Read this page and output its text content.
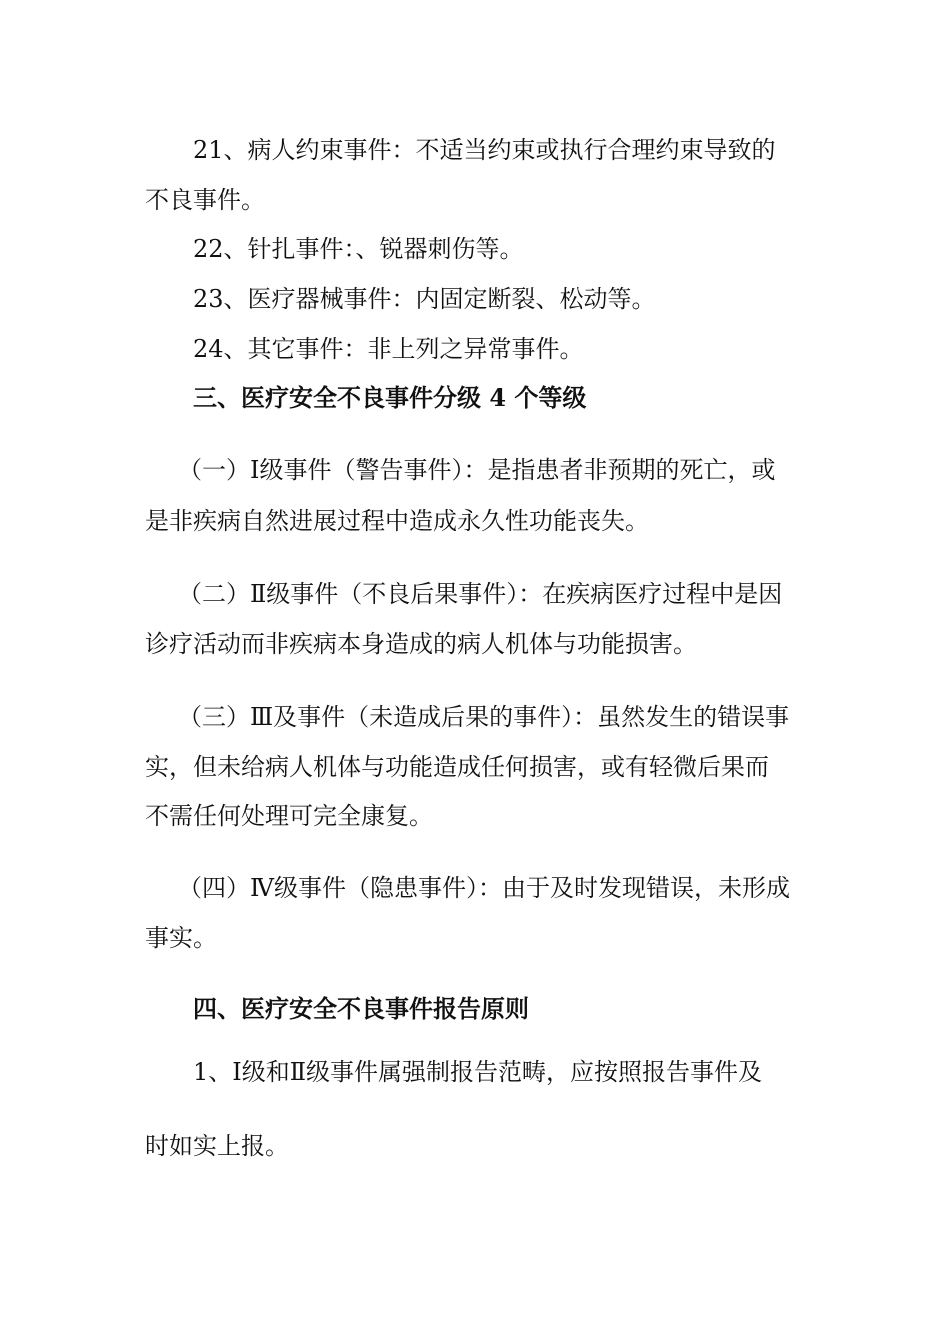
21、病人约束事件：不适当约束或执行合理约束导致的
不良事件。
22、针扎事件：、锐器刺伤等。
23、医疗器械事件：内固定断裂、松动等。
24、其它事件：非上列之异常事件。
三、医疗安全不良事件分级 4 个等级
（一）Ⅰ级事件（警告事件）：是指患者非预期的死亡，或
是非疾病自然进展过程中造成永久性功能丧失。
（二）Ⅱ级事件（不良后果事件）：在疾病医疗过程中是因
诊疗活动而非疾病本身造成的病人机体与功能损害。
（三）Ⅲ及事件（未造成后果的事件）：虽然发生的错误事
实，但未给病人机体与功能造成任何损害，或有轻微后果而
不需任何处理可完全康复。
（四）Ⅳ级事件（隐患事件）：由于及时发现错误，未形成
事实。
四、医疗安全不良事件报告原则
1、Ⅰ级和Ⅱ级事件属强制报告范畴，应按照报告事件及
时如实上报。
